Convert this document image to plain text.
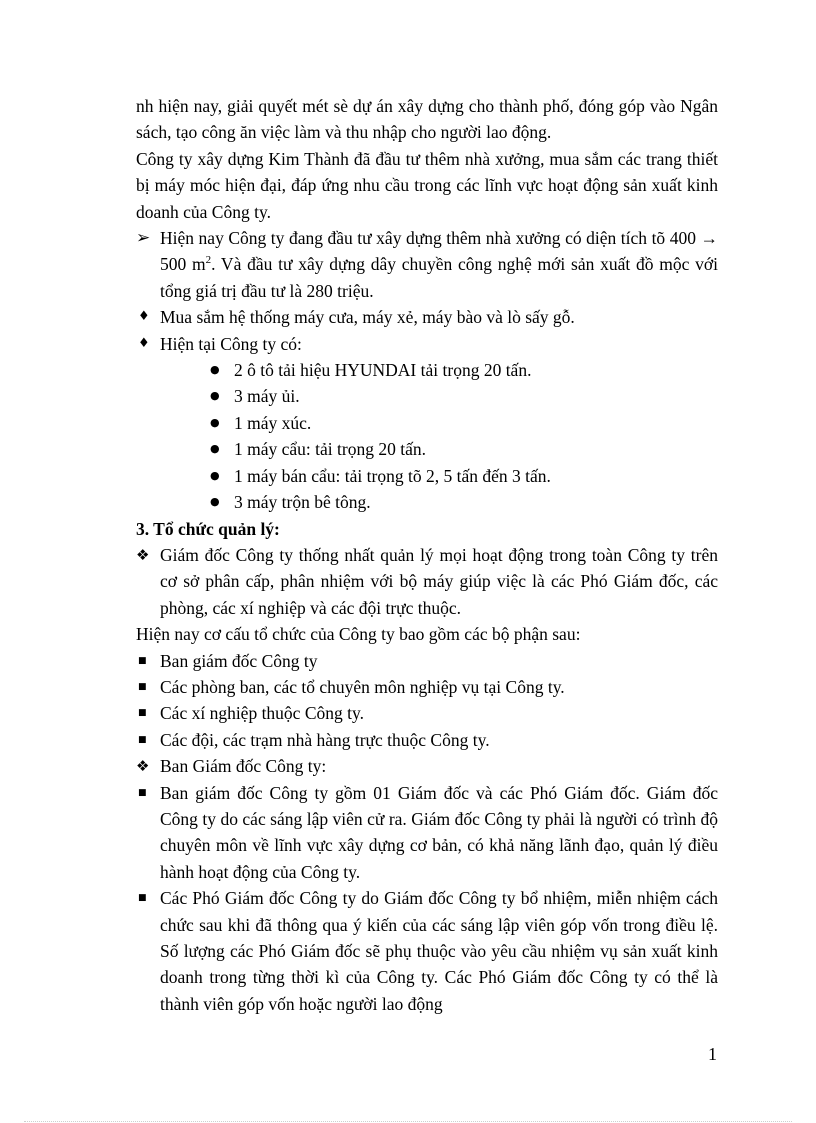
nh hiện nay, giải quyết mét sè dự án xây dựng cho thành phố, đóng góp vào Ngân sách, tạo công ăn việc làm và thu nhập cho người lao động.

Công ty xây dựng Kim Thành đã đầu tư thêm nhà xưởng, mua sắm các trang thiết bị máy móc hiện đại, đáp ứng nhu cầu trong các lĩnh vực hoạt động sản xuất kinh doanh của Công ty.

➢ Hiện nay Công ty đang đầu tư xây dựng thêm nhà xưởng có diện tích tõ 400 → 500 $m^2$. Và đầu tư xây dựng dây chuyền công nghệ mới sản xuất đồ mộc với tổng giá trị đầu tư là 280 triệu.
♦ Mua sắm hệ thống máy cưa, máy xẻ, máy bào và lò sấy gỗ.
♦ Hiện tại Công ty có:
● 2 ô tô tải hiệu HYUNDAI tải trọng 20 tấn.
● 3 máy ủi.
● 1 máy xúc.
● 1 máy cẩu: tải trọng 20 tấn.
● 1 máy bán cẩu: tải trọng tõ 2, 5 tấn đến 3 tấn.
● 3 máy trộn bê tông.

3. Tổ chức quản lý:

❖ Giám đốc Công ty thống nhất quản lý mọi hoạt động trong toàn Công ty trên cơ sở phân cấp, phân nhiệm với bộ máy giúp việc là các Phó Giám đốc, các phòng, các xí nghiệp và các đội trực thuộc.

Hiện nay cơ cấu tổ chức của Công ty bao gồm các bộ phận sau:

■ Ban giám đốc Công ty
■ Các phòng ban, các tổ chuyên môn nghiệp vụ tại Công ty.
■ Các xí nghiệp thuộc Công ty.
■ Các đội, các trạm nhà hàng trực thuộc Công ty.
❖ Ban Giám đốc Công ty:
■ Ban giám đốc Công ty gồm 01 Giám đốc và các Phó Giám đốc. Giám đốc Công ty do các sáng lập viên cử ra. Giám đốc Công ty phải là người có trình độ chuyên môn về lĩnh vực xây dựng cơ bản, có khả năng lãnh đạo, quản lý điều hành hoạt động của Công ty.
■ Các Phó Giám đốc Công ty do Giám đốc Công ty bổ nhiệm, miễn nhiệm cách chức sau khi đã thông qua ý kiến của các sáng lập viên góp vốn trong điều lệ. Số lượng các Phó Giám đốc sẽ phụ thuộc vào yêu cầu nhiệm vụ sản xuất kinh doanh trong từng thời kì của Công ty. Các Phó Giám đốc Công ty có thể là thành viên góp vốn hoặc người lao động
1
